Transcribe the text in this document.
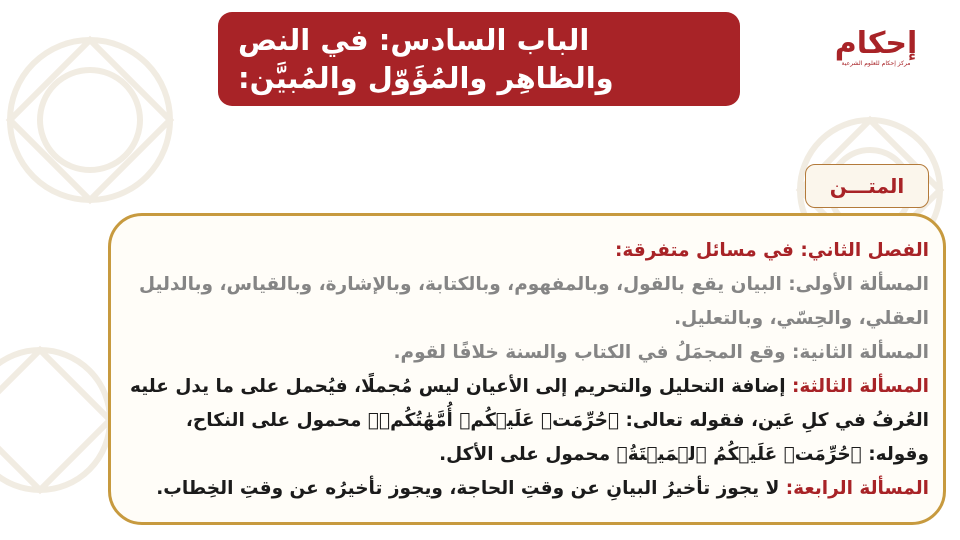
الباب السادس: في النص
والظاهِر والمُؤَوّل والمُبيَّن:
إحكام
مركز إحكام للعلوم الشرعية
المتـــن

الفصل الثاني: في مسائل متفرقة:

المسألة الأولى: البيان يقع بالقول، وبالمفهوم، وبالكتابة، وبالإشارة، وبالقياس، وبالدليل العقلي، والحِسّي، وبالتعليل.

المسألة الثانية: وقع المجمَلُ في الكتاب والسنة خلافًا لقوم.

المسألة الثالثة: إضافة التحليل والتحريم إلى الأعيان ليس مُجملًا، فيُحمل على ما يدل عليه العُرفُ في كلِ عَين، فقوله تعالى: ﴿حُرِّمَتۡ عَلَيۡكُمۡ أُمَّهَٰتُكُمۡ﴾ محمول على النكاح، وقوله: ﴿حُرِّمَتۡ عَلَيۡكُمُ ٱلۡمَيۡتَةُ﴾ محمول على الأكل.

المسألة الرابعة: لا يجوز تأخيرُ البيانِ عن وقتِ الحاجة، ويجوز تأخيرُه عن وقتِ الخِطاب.
